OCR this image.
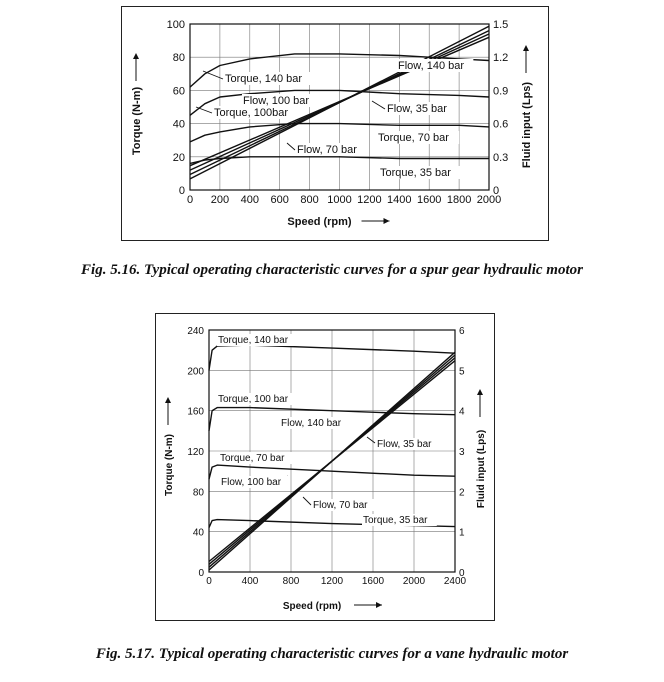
0 200 400 600 800 1000 1200 1400 1600 1800 2000
0
20
40
60
80
100
0
0.3
0.6
0.9
1.2
1.5
Speed (rpm)
Torque (N-m)	Fluid input (Lps)
Torque, 140 bar
Torque, 100bar
Torque, 70 bar
Torque, 35 bar
Flow, 140 bar
Flow, 100 bar
Flow, 70 bar
Flow, 35 bar
0	400 800 1200 1600 2000 2400
0
40
80
120
160
200
240
0
1
2
3
4
5
6
Speed (rpm)
Torque (N-m)	Fluid input (Lps)
Torque, 140 bar
Torque, 100 bar
Torque, 70 bar
Torque, 35 bar
Flow, 140 bar
Flow, 100 bar
Flow, 70 bar
Flow, 35 bar
Fig. 5.16. Typical operating characteristic curves for a spur gear hydraulic motor
Fig. 5.17. Typical operating characteristic curves for a vane hydraulic motor
